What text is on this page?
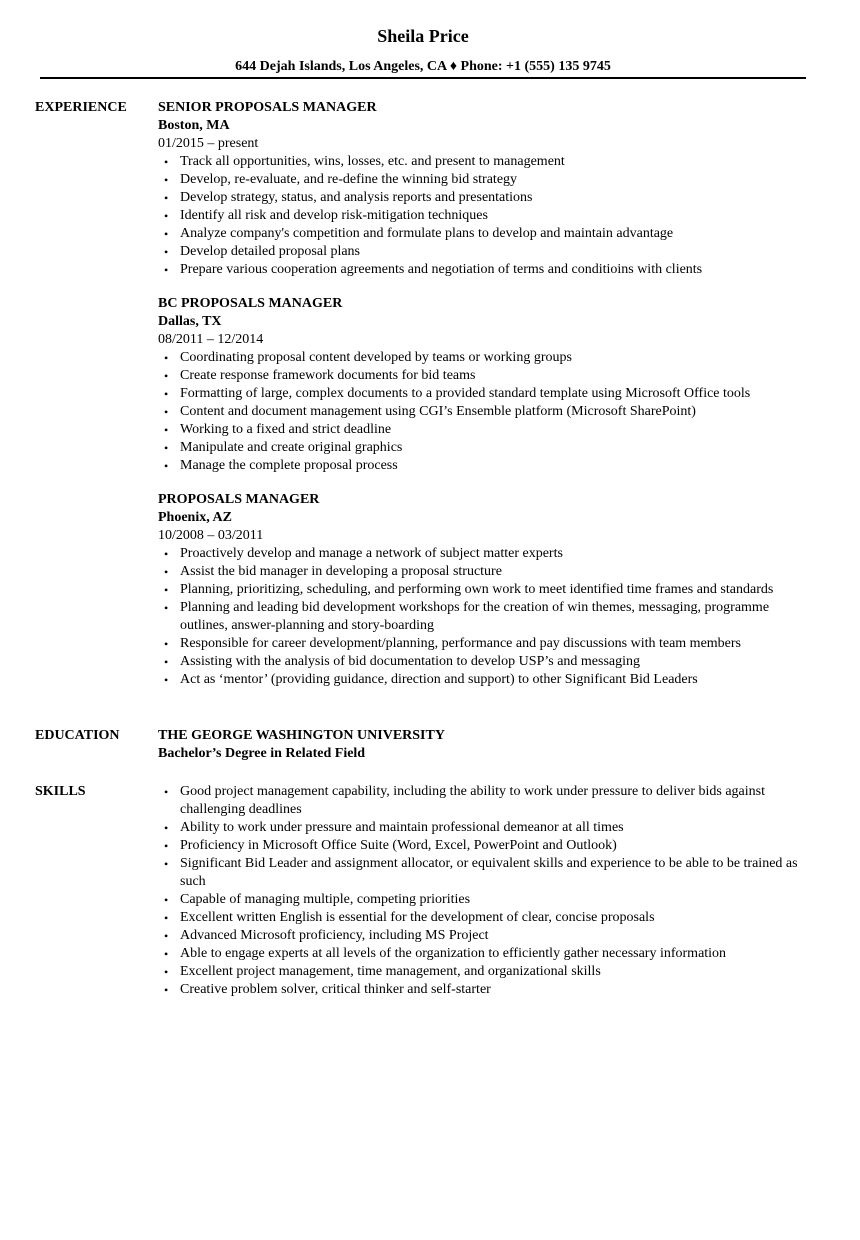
Sheila Price
644 Dejah Islands, Los Angeles, CA ♦ Phone: +1 (555) 135 9745
EXPERIENCE SENIOR PROPOSALS MANAGER
Boston, MA
01/2015 – present
• Track all opportunities, wins, losses, etc. and present to management
• Develop, re-evaluate, and re-define the winning bid strategy
• Develop strategy, status, and analysis reports and presentations
• Identify all risk and develop risk-mitigation techniques
• Analyze company's competition and formulate plans to develop and maintain advantage
• Develop detailed proposal plans
• Prepare various cooperation agreements and negotiation of terms and conditioins with clients
BC PROPOSALS MANAGER
Dallas, TX
08/2011 – 12/2014
• Coordinating proposal content developed by teams or working groups
• Create response framework documents for bid teams
• Formatting of large, complex documents to a provided standard template using Microsoft Office tools
• Content and document management using CGI’s Ensemble platform (Microsoft SharePoint)
• Working to a fixed and strict deadline
• Manipulate and create original graphics
• Manage the complete proposal process
PROPOSALS MANAGER
Phoenix, AZ
10/2008 – 03/2011
• Proactively develop and manage a network of subject matter experts
• Assist the bid manager in developing a proposal structure
• Planning, prioritizing, scheduling, and performing own work to meet identified time frames and standards
• Planning and leading bid development workshops for the creation of win themes, messaging, programme outlines, answer-planning and story-boarding
• Responsible for career development/planning, performance and pay discussions with team members
• Assisting with the analysis of bid documentation to develop USP’s and messaging
• Act as ‘mentor’ (providing guidance, direction and support) to other Significant Bid Leaders
EDUCATION	THE GEORGE WASHINGTON UNIVERSITY
Bachelor’s Degree in Related Field
SKILLS
•	Good project management capability, including the ability to work under pressure to deliver bids against challenging deadlines
• Ability to work under pressure and maintain professional demeanor at all times
• Proficiency in Microsoft Office Suite (Word, Excel, PowerPoint and Outlook)
• Significant Bid Leader and assignment allocator, or equivalent skills and experience to be able to be trained as such
• Capable of managing multiple, competing priorities
• Excellent written English is essential for the development of clear, concise proposals
• Advanced Microsoft proficiency, including MS Project
• Able to engage experts at all levels of the organization to efficiently gather necessary information
• Excellent project management, time management, and organizational skills
• Creative problem solver, critical thinker and self-starter
